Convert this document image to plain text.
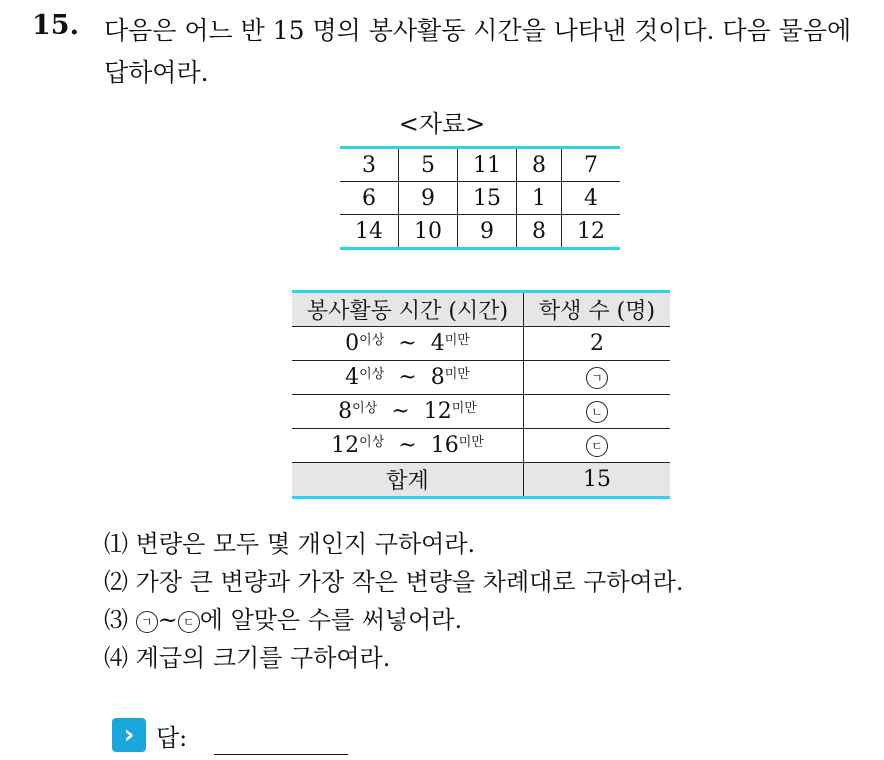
15. 다음은 어느 반 15 명의 봉사활동 시간을 나타낸 것이다. 다음 물음에 답하여라.
<자료>
3	5	11	8	7
6	9	15	1	4
14	10	9	8	12
봉사활동 시간 (시간)	학생 수 (명)
$0^{이상}$ ~ $4^{미만}$	2
$4^{이상}$ ~ $8^{미만}$	ㄱ
$8^{이상}$ ~ $12^{미만}$	ㄴ
$12^{이상}$ ~ $16^{미만}$	ㄷ
합계	15
⑴ 변량은 모두 몇 개인지 구하여라.
⑵ 가장 큰 변량과 가장 작은 변량을 차례대로 구하여라.
⑶ ㄱ ~ ㄷ 에 알맞은 수를 써넣어라.
⑷ 계급의 크기를 구하여라.
› 답:
